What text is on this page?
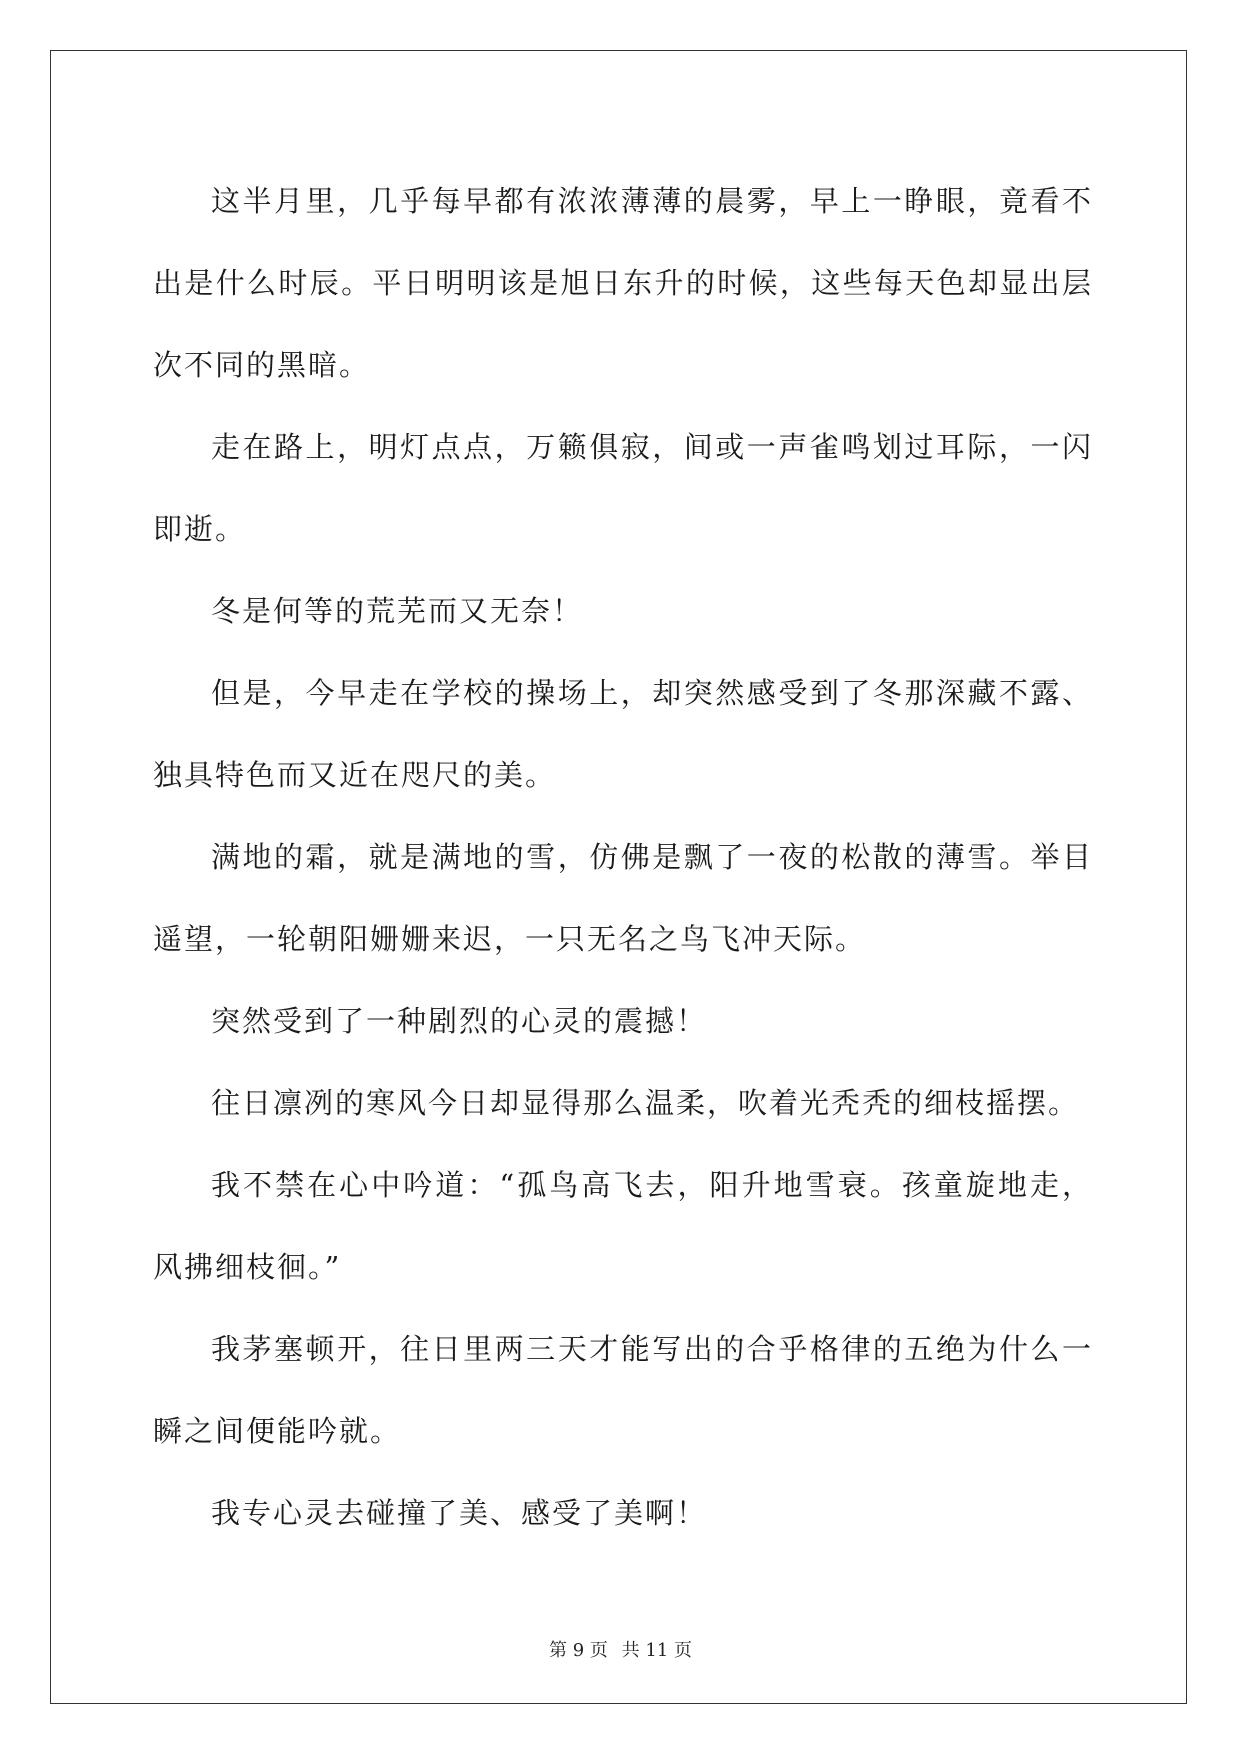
这半月里，几乎每早都有浓浓薄薄的晨雾，早上一睁眼，竟看不出是什么时辰。平日明明该是旭日东升的时候，这些每天色却显出层次不同的黑暗。

走在路上，明灯点点，万籁俱寂，间或一声雀鸣划过耳际，一闪即逝。

冬是何等的荒芜而又无奈！

但是，今早走在学校的操场上，却突然感受到了冬那深藏不露、独具特色而又近在咫尺的美。

满地的霜，就是满地的雪，仿佛是飘了一夜的松散的薄雪。举目遥望，一轮朝阳姗姗来迟，一只无名之鸟飞冲天际。

突然受到了一种剧烈的心灵的震撼！

往日凛冽的寒风今日却显得那么温柔，吹着光秃秃的细枝摇摆。

我不禁在心中吟道：“孤鸟高飞去，阳升地雪衰。孩童旋地走，风拂细枝徊。”

我茅塞顿开，往日里两三天才能写出的合乎格律的五绝为什么一瞬之间便能吟就。

我专心灵去碰撞了美、感受了美啊！

第 9 页 共 11 页
